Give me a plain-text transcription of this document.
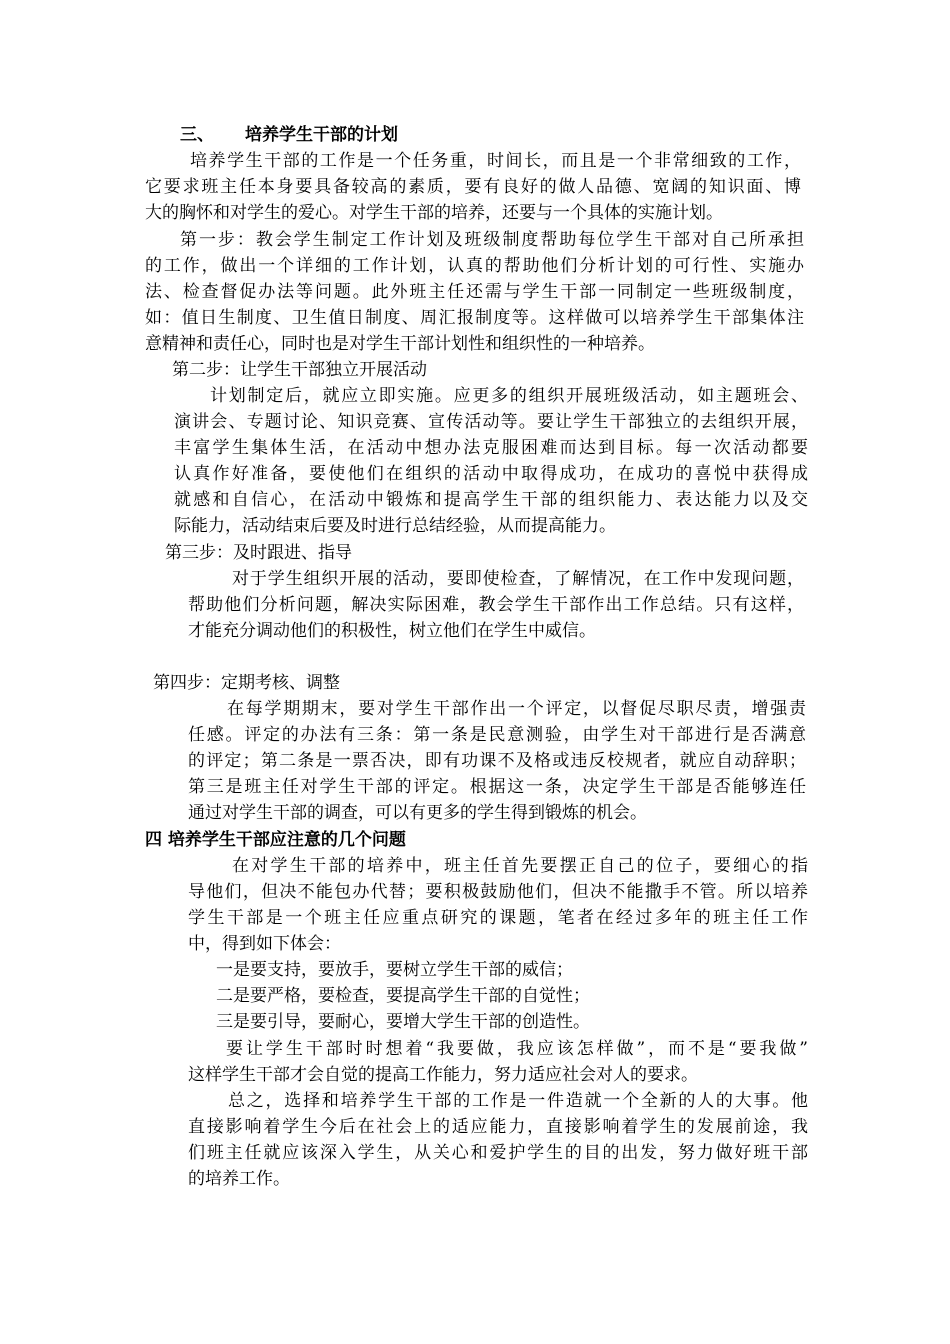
三、 培养学生干部的计划
培养学生干部的工作是一个任务重，时间长，而且是一个非常细致的工作，
它要求班主任本身要具备较高的素质，要有良好的做人品德、宽阔的知识面、博
大的胸怀和对学生的爱心。对学生干部的培养，还要与一个具体的实施计划。
第一步：教会学生制定工作计划及班级制度帮助每位学生干部对自己所承担
的工作，做出一个详细的工作计划，认真的帮助他们分析计划的可行性、实施办
法、检查督促办法等问题。此外班主任还需与学生干部一同制定一些班级制度，
如：值日生制度、卫生值日制度、周汇报制度等。这样做可以培养学生干部集体注
意精神和责任心，同时也是对学生干部计划性和组织性的一种培养。
第二步：让学生干部独立开展活动
计划制定后，就应立即实施。应更多的组织开展班级活动，如主题班会、
演讲会、专题讨论、知识竞赛、宣传活动等。要让学生干部独立的去组织开展，
丰富学生集体生活，在活动中想办法克服困难而达到目标。每一次活动都要
认真作好准备，要使他们在组织的活动中取得成功，在成功的喜悦中获得成
就感和自信心，在活动中锻炼和提高学生干部的组织能力、表达能力以及交
际能力，活动结束后要及时进行总结经验，从而提高能力。
第三步：及时跟进、指导
对于学生组织开展的活动，要即使检查，了解情况，在工作中发现问题，
帮助他们分析问题，解决实际困难，教会学生干部作出工作总结。只有这样，
才能充分调动他们的积极性，树立他们在学生中威信。
第四步：定期考核、调整
在每学期期末，要对学生干部作出一个评定，以督促尽职尽责，增强责
任感。评定的办法有三条：第一条是民意测验，由学生对干部进行是否满意
的评定；第二条是一票否决，即有功课不及格或违反校规者，就应自动辞职；
第三是班主任对学生干部的评定。根据这一条，决定学生干部是否能够连任
通过对学生干部的调查，可以有更多的学生得到锻炼的机会。
四 培养学生干部应注意的几个问题
在对学生干部的培养中，班主任首先要摆正自己的位子，要细心的指
导他们，但决不能包办代替；要积极鼓励他们，但决不能撒手不管。所以培养
学生干部是一个班主任应重点研究的课题，笔者在经过多年的班主任工作
中，得到如下体会：
一是要支持，要放手，要树立学生干部的威信；
二是要严格，要检查，要提高学生干部的自觉性；
三是要引导，要耐心，要增大学生干部的创造性。
要让学生干部时时想着“我要做，我应该怎样做”，而不是“要我做”
这样学生干部才会自觉的提高工作能力，努力适应社会对人的要求。
总之，选择和培养学生干部的工作是一件造就一个全新的人的大事。他
直接影响着学生今后在社会上的适应能力，直接影响着学生的发展前途，我
们班主任就应该深入学生，从关心和爱护学生的目的出发，努力做好班干部
的培养工作。
